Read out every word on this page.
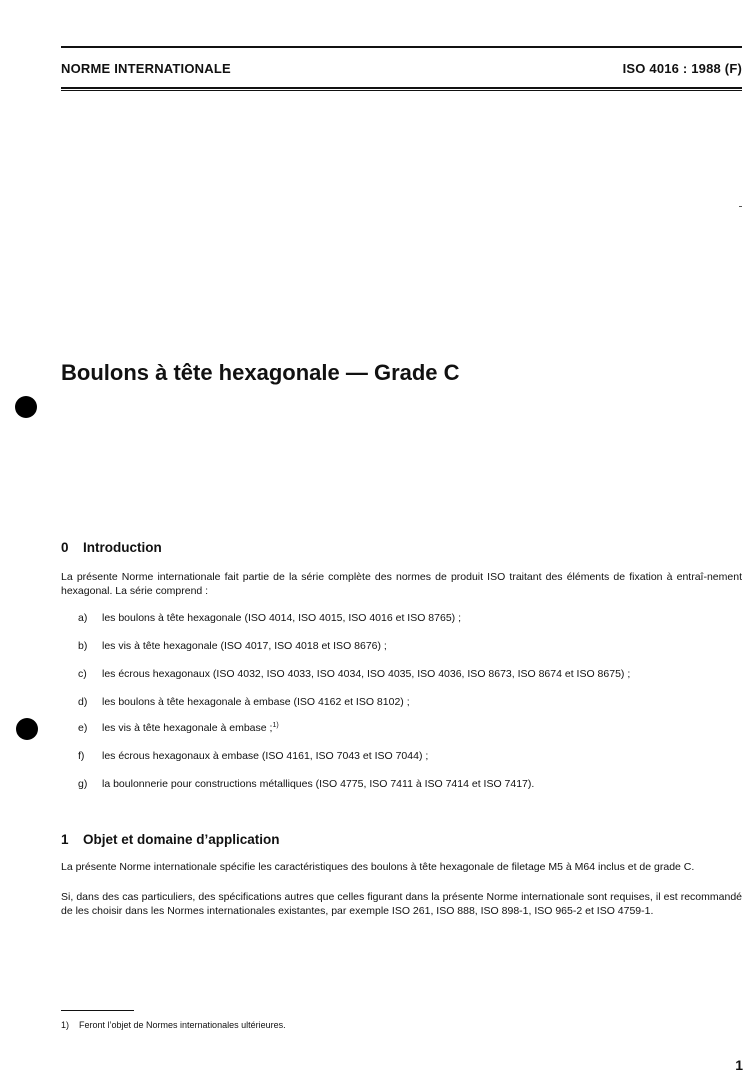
NORME INTERNATIONALE	ISO 4016 : 1988 (F)
Boulons à tête hexagonale — Grade C
0 Introduction

La présente Norme internationale fait partie de la série complète des normes de produit ISO traitant des éléments de fixation à entraî-nement hexagonal. La série comprend :

a) les boulons à tête hexagonale (ISO 4014, ISO 4015, ISO 4016 et ISO 8765) ;
b) les vis à tête hexagonale (ISO 4017, ISO 4018 et ISO 8676) ;
c) les écrous hexagonaux (ISO 4032, ISO 4033, ISO 4034, ISO 4035, ISO 4036, ISO 8673, ISO 8674 et ISO 8675) ;
d) les boulons à tête hexagonale à embase (ISO 4162 et ISO 8102) ;
e) les vis à tête hexagonale à embase ;$^{1)}$
f) les écrous hexagonaux à embase (ISO 4161, ISO 7043 et ISO 7044) ;
g) la boulonnerie pour constructions métalliques (ISO 4775, ISO 7411 à ISO 7414 et ISO 7417).
1 Objet et domaine d’application

La présente Norme internationale spécifie les caractéristiques des boulons à tête hexagonale de filetage M5 à M64 inclus et de grade C.

Si, dans des cas particuliers, des spécifications autres que celles figurant dans la présente Norme internationale sont requises, il est recommandé de les choisir dans les Normes internationales existantes, par exemple ISO 261, ISO 888, ISO 898-1, ISO 965-2 et ISO 4759-1.

1) Feront l’objet de Normes internationales ultérieures.
1
